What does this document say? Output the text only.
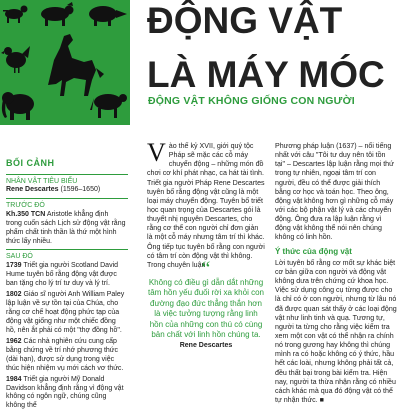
ĐỘNG VẬT
LÀ MÁY MÓC
ĐỘNG VẬT KHÔNG GIỐNG CON NGƯỜI
BỐI CẢNH
NHÂN VẬT TIÊU BIỂU
Rene Descartes (1596–1650)
TRƯỚC ĐÓ
Kh.350 TCN Aristotle khẳng định trong cuốn sách Lịch sử động vật rằng phẩm chất tinh thần là thứ một hình thức lấy nhiều.
SAU ĐÓ
1739 Triết gia người Scotland David Hume tuyên bố rằng động vật được ban tặng cho lý trí tư duy và lý trí.
1802 Giáo sĩ người Anh William Paley lập luận về sự tồn tại của Chúa, cho rằng cơ chế hoạt động phức tạp của động vật giống như một chiếc đồng hồ, nên ắt phải có một "thợ đồng hồ".
1962 Các nhà nghiên cứu cung cấp bằng chứng về trí nhớ phương thức (dài hạn), được sử dụng trong việc thúc hiện nhiệm vụ mới cách vơ thức.
1984 Triết gia người Mỹ Donald Davidson khẳng định rằng vì động vật không có ngôn ngữ, chúng cũng không thể
Vào thế kỷ XVII, giới quý tộc Pháp sẽ mặc các cỗ máy chuyển động – những món đồ chơi cơ khí phát nhạc, ca hát tài tình. Triết gia người Pháp Rene Descartes tuyên bố rằng động vật cũng là một loại máy chuyển động. Tuyên bố triết học quan trọng của Descartes gói là thuyết nhị nguyên Descartes, cho rằng cơ thể con người chỉ đơn giản là một cỗ máy nhưng tâm trí thì khác. Ông tiếp tục tuyên bố rằng con người có tâm trí còn động vật thì không. Trong chuyên luận
“
Không có điều gì dẫn dắt những tâm hồn yếu đuối rời xa khỏi con đường đạo đức thẳng thắn hơn là việc tưởng tượng rằng linh hồn của những con thú có cùng bản chất với linh hồn chúng ta.
Rene Descartes
Phương pháp luận (1637) – nổi tiếng nhất với câu "Tôi tư duy nên tôi tồn tại" – Descartes lập luận rằng mọi thứ trong tự nhiên, ngoại tâm trí con người, đều có thể được giải thích bằng cơ học và toán học. Theo ông, động vật không hơn gì những cỗ máy với các bộ phận vật lý và các chuyển động. Ông đưa ra lập luận rằng vì động vật không thể nói nên chúng không có linh hồn.
Ý thức của động vật
Lời tuyên bố rằng cơ mốt sự khác biệt cơ bản giữa con người và động vật không dưa trên chứng cứ khoa học. Việc sử dụng công cụ từng được cho là chỉ có ở con người, nhưng từ lâu nó đã được quan sát thấy ở các loại động vật như linh tinh và quạ. Tương tự, người ta từng cho rằng việc kiểm tra xem một con vật có thể nhận ra chính nó trong gương hay không thì chúng mình ra có hoặc không có ý thức, hầu hết các loài, nhưng không phải tất cả, đều thất bại trong bài kiểm tra. Hiện nay, người ta thừa nhận rằng có nhiều cách khác mà qua đó động vật có thể tự nhận thức. ■
